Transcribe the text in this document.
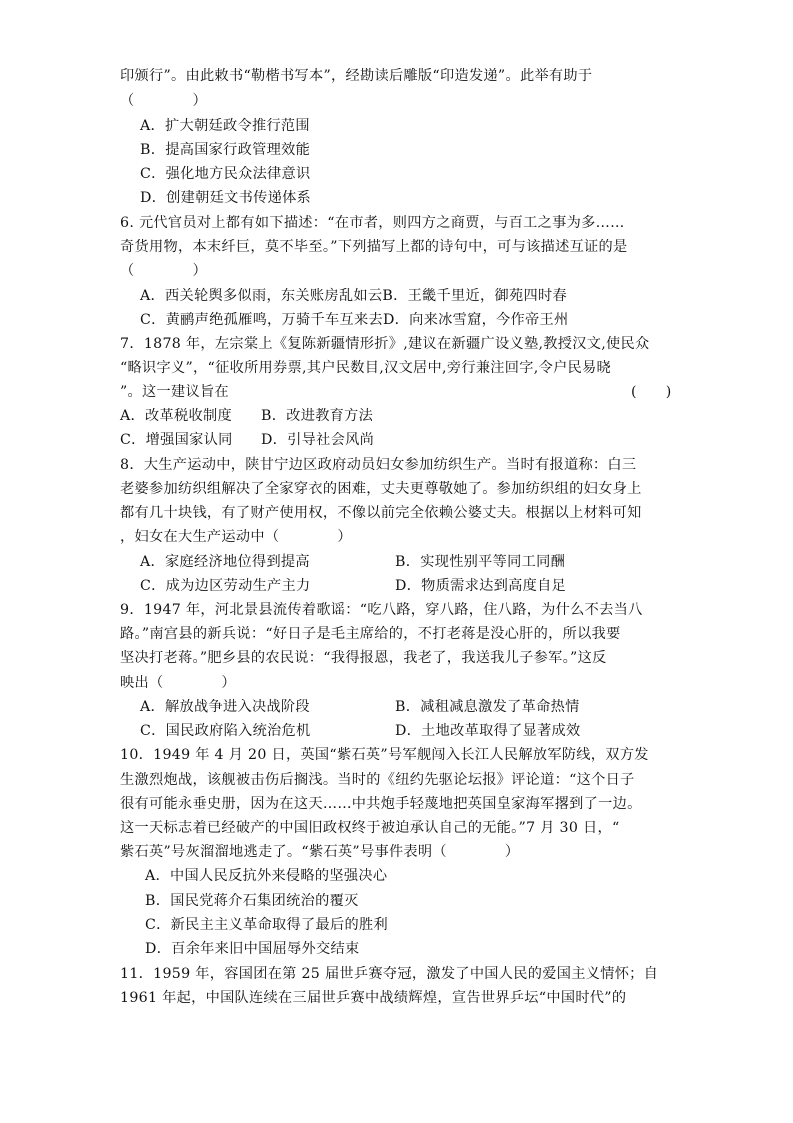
印颁行”。由此敕书“勒楷书写本”，经勘读后雕版“印造发递”。此举有助于
（　　　　）
A．扩大朝廷政令推行范围
B．提高国家行政管理效能
C．强化地方民众法律意识
D．创建朝廷文书传递体系
6. 元代官员对上都有如下描述：“在市者，则四方之商贾，与百工之事为多……
奇货用物，本末纤巨，莫不毕至。”下列描写上都的诗句中，可与该描述互证的是
（　　　　）
A．西关轮舆多似雨，东关账房乱如云B．王畿千里近，御苑四时春
C．黄鹂声绝孤雁鸣，万骑千车互来去D．向来冰雪窟，今作帝王州
7．1878 年，左宗棠上《复陈新疆情形折》,建议在新疆广设义塾,教授汉文,使民众
“略识字义”，“征收所用券票,其户民数目,汉文居中,旁行兼注回字,令户民易晓
”。这一建议旨在	(　　)
A．改革税收制度 B．改进教育方法
C．增强国家认同 D．引导社会风尚
8．大生产运动中，陕甘宁边区政府动员妇女参加纺织生产。当时有报道称：白三
老婆参加纺织组解决了全家穿衣的困难，丈夫更尊敬她了。参加纺织组的妇女身上
都有几十块钱，有了财产使用权，不像以前完全依赖公婆丈夫。根据以上材料可知
，妇女在大生产运动中（　　　　）
A．家庭经济地位得到提高	B．实现性别平等同工同酬
C．成为边区劳动生产主力	D．物质需求达到高度自足
9．1947 年，河北景县流传着歌谣：“吃八路，穿八路，住八路，为什么不去当八
路。”南宫县的新兵说：“好日子是毛主席给的，不打老蒋是没心肝的，所以我要
坚决打老蒋。”肥乡县的农民说：“我得报恩，我老了，我送我儿子参军。”这反
映出（　　　　）
A．解放战争进入决战阶段	B．减租减息激发了革命热情
C．国民政府陷入统治危机	D．土地改革取得了显著成效
10．1949 年 4 月 20 日，英国“紫石英”号军舰闯入长江人民解放军防线，双方发
生激烈炮战，该舰被击伤后搁浅。当时的《纽约先驱论坛报》评论道：“这个日子
很有可能永垂史册，因为在这天……中共炮手轻蔑地把英国皇家海军撂到了一边。
这一天标志着已经破产的中国旧政权终于被迫承认自己的无能。”7 月 30 日，“
紫石英”号灰溜溜地逃走了。“紫石英”号事件表明（　　　　）
A．中国人民反抗外来侵略的坚强决心
B．国民党蒋介石集团统治的覆灭
C．新民主主义革命取得了最后的胜利
D．百余年来旧中国屈辱外交结束
11．1959 年，容国团在第 25 届世乒赛夺冠，激发了中国人民的爱国主义情怀；自
1961 年起，中国队连续在三届世乒赛中战绩辉煌，宣告世界乒坛“中国时代”的
